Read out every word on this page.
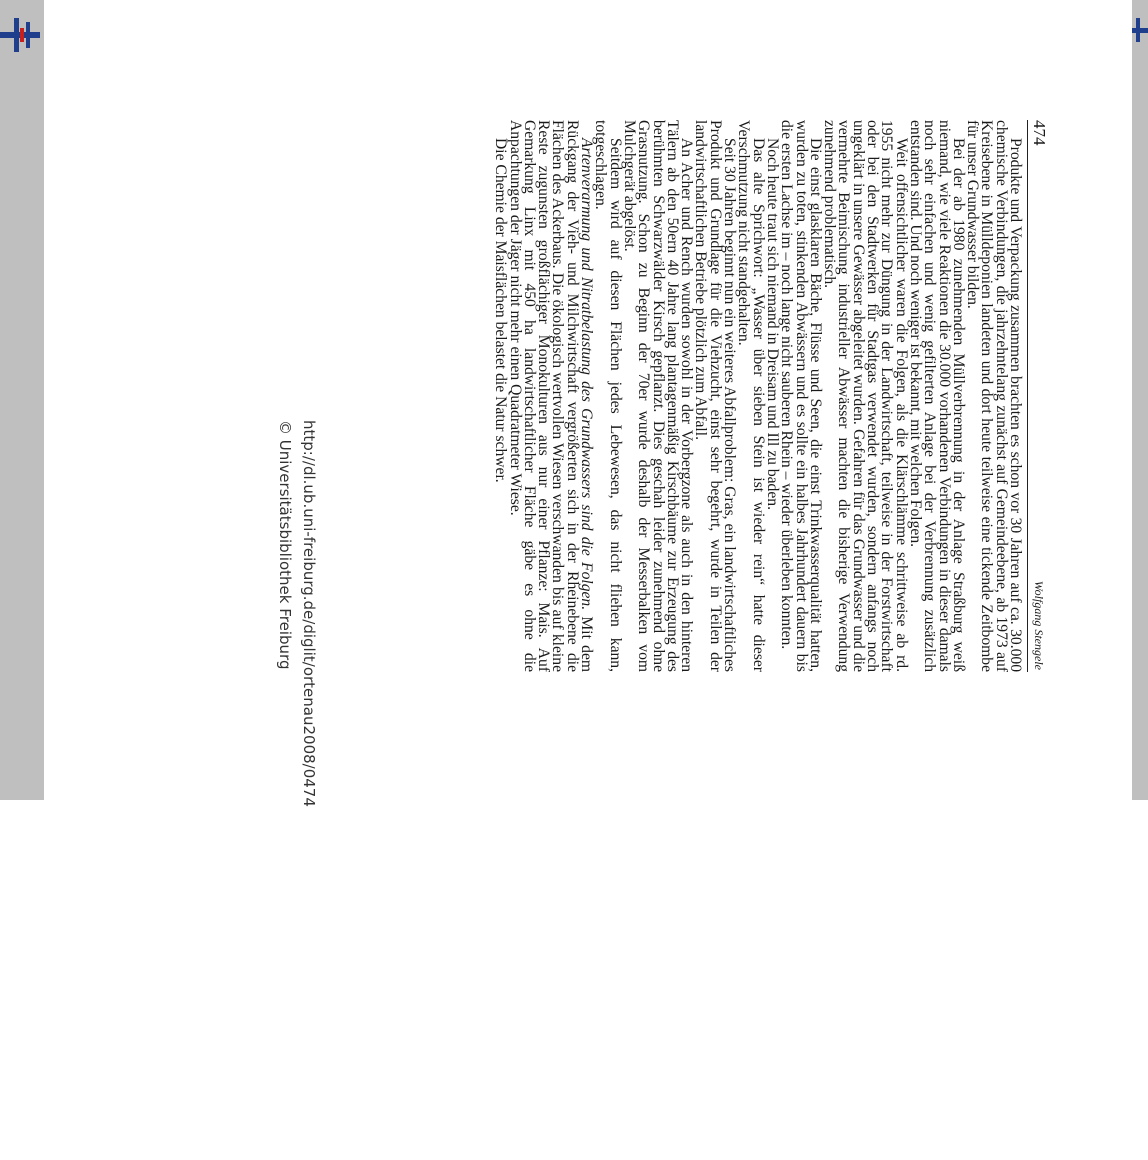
http://dl.ub.uni-freiburg.de/diglit/ortenau2008/0474
© Universitätsbibliothek Freiburg
474
Wolfgang Stengele

Produkte und Verpackung zusammen brachten es schon vor 30 Jahren auf ca. 30.000 chemische Verbindungen, die jahrzehntelang zunächst auf Gemeindeebene, ab 1973 auf Kreisebene in Mülldeponien landeten und dort heute teilweise eine tickende Zeitbombe für unser Grundwasser bilden.

Bei der ab 1980 zunehmenden Müllverbrennung in der Anlage Straßburg weiß niemand, wie viele Reaktionen die 30.000 vorhandenen Verbindungen in dieser damals noch sehr einfachen und wenig gefilterten Anlage bei der Verbrennung zusätzlich entstanden sind. Und noch weniger ist bekannt, mit welchen Folgen.

Weit offensichtlicher waren die Folgen, als die Klärschlämme schrittweise ab rd. 1955 nicht mehr zur Düngung in der Landwirtschaft, teilweise in der Forstwirtschaft oder bei den Stadtwerken für Stadtgas verwendet wurden, sondern anfangs noch ungeklärt in unsere Gewässer abgeleitet wurden. Gefahren für das Grundwasser und die vermehrte Beimischung industrieller Abwässer machten die bisherige Verwendung zunehmend problematisch.

Die einst glasklaren Bäche, Flüsse und Seen, die einst Trinkwasserqualität hatten, wurden zu toten, stinkenden Abwässern und es sollte ein halbes Jahrhundert dauern bis die ersten Lachse im – noch lange nicht sauberen Rhein – wieder überleben konnten.

Noch heute traut sich niemand in Dreisam und Ill zu baden.

Das alte Sprichwort: „Wasser über sieben Stein ist wieder rein“ hatte dieser Verschmutzung nicht standgehalten.

Seit 30 Jahren beginnt nun ein weiteres Abfallproblem: Gras, ein landwirtschaftliches Produkt und Grundlage für die Viehzucht, einst sehr begehrt, wurde in Teilen der landwirtschaftlichen Betriebe plötzlich zum Abfall.

An Acher und Rench wurden sowohl in der Vorbergzone als auch in den hinteren Tälern ab den 50ern 40 Jahre lang plantagenmäßig Kirschbäume zur Erzeugung des berühmten Schwarzwälder Kirsch gepflanzt. Dies geschah leider zunehmend ohne Grasnutzung. Schon zu Beginn der 70er wurde deshalb der Messerbalken vom Mulchgerät abgelöst.

Seitdem wird auf diesen Flächen jedes Lebewesen, das nicht fliehen kann, totgeschlagen.

Artenverarmung und Nitratbelastung des Grundwassers sind die Folgen. Mit dem Rückgang der Vieh- und Milchwirtschaft vergrößerten sich in der Rheinebene die Flächen des Ackerbaus. Die ökologisch wertvollen Wiesen verschwanden bis auf kleine Reste zugunsten großflächiger Monokulturen aus nur einer Pflanze: Mais. Auf Gemarkung Linx mit 450 ha landwirtschaftlicher Fläche gäbe es ohne die Anpachtungen der Jäger nicht mehr einen Quadratmeter Wiese.

Die Chemie der Maisflächen belastet die Natur schwer.
